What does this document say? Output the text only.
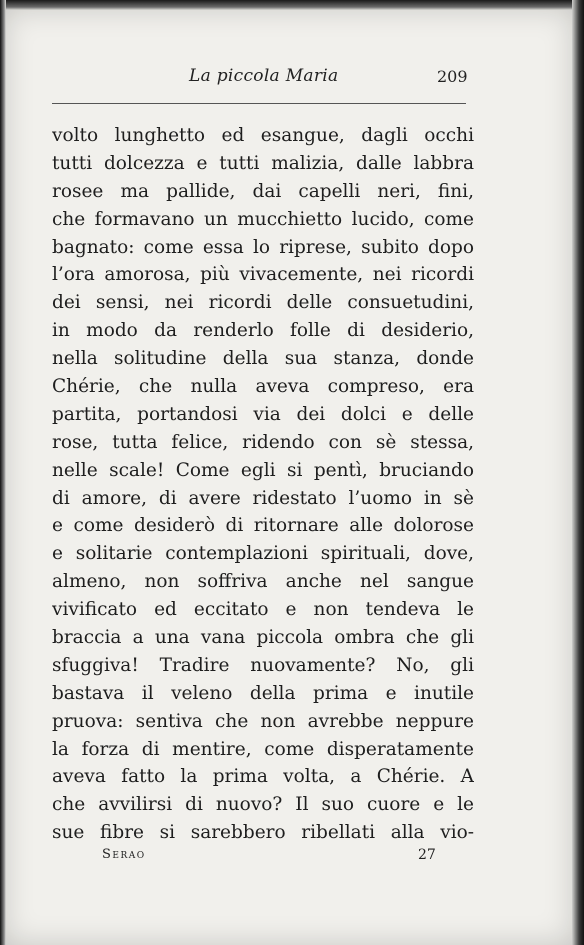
La piccola Maria	209
volto lunghetto ed esangue, dagli occhi
tutti dolcezza e tutti malizia, dalle labbra
rosee ma pallide, dai capelli neri, fini,
che formavano un mucchietto lucido, come
bagnato: come essa lo riprese, subito dopo
l’ora amorosa, più vivacemente, nei ricordi
dei sensi, nei ricordi delle consuetudini,
in modo da renderlo folle di desiderio,
nella solitudine della sua stanza, donde
Chérie, che nulla aveva compreso, era
partita, portandosi via dei dolci e delle
rose, tutta felice, ridendo con sè stessa,
nelle scale! Come egli si pentì, bruciando
di amore, di avere ridestato l’uomo in sè
e come desiderò di ritornare alle dolorose
e solitarie contemplazioni spirituali, dove,
almeno, non soffriva anche nel sangue
vivificato ed eccitato e non tendeva le
braccia a una vana piccola ombra che gli
sfuggiva! Tradire nuovamente? No, gli
bastava il veleno della prima e inutile
pruova: sentiva che non avrebbe neppure
la forza di mentire, come disperatamente
aveva fatto la prima volta, a Chérie. A
che avvilirsi di nuovo? Il suo cuore e le
sue fibre si sarebbero ribellati alla vio-
Serao	27
